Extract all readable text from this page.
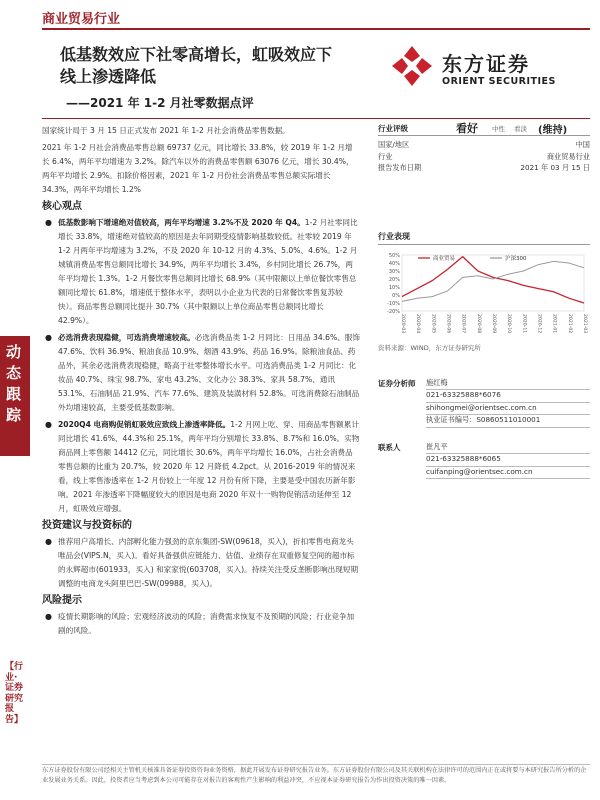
商业贸易行业
低基数效应下社零高增长，虹吸效应下
线上渗透降低
——2021 年 1-2 月社零数据点评
东方证券
ORIENT SECURITIES
动态跟踪
【行业·证券研究报告】
国家统计局于 3 月 15 日正式发布 2021 年 1-2 月社会消费品零售数据。
2021 年 1-2 月社会消费品零售总额 69737 亿元，同比增长 33.8%，较 2019 年 1-2 月增长 6.4%，两年平均增速为 3.2%。除汽车以外的消费品零售额 63076 亿元，增长 30.4%，两年平均增长 2.9%。扣除价格因素，2021 年 1-2 月份社会消费品零售总额实际增长 34.3%，两年平均增长 1.2%
核心观点
● 低基数影响下增速绝对值较高，两年平均增速 3.2%不及 2020 年 Q4。1-2 月社零同比增长 33.8%，增速绝对值较高的原因是去年同期受疫情影响基数较低。社零较 2019 年 1-2 月两年平均增速为 3.2%，不及 2020 年 10-12 月的 4.3%、5.0%、4.6%。1-2 月城镇消费品零售总额同比增长 34.9%，两年平均增长 3.4%，乡村同比增长 26.7%，两年平均增长 1.3%。1-2 月餐饮零售总额同比增长 68.9%（其中限额以上单位餐饮零售总额同比增长 61.8%，增速低于整体水平，表明以小企业为代表的日常餐饮零售复苏较快）。商品零售总额同比提升 30.7%（其中限额以上单位商品零售总额同比增长 42.9%）。
● 必选消费表现稳健，可选消费增速较高。必选消费品类 1-2 月同比：日用品 34.6%、服饰 47.6%、饮料 36.9%、粮油食品 10.9%、烟酒 43.9%、药品 16.9%。除粮油食品、药品外，其余必选消费表现稳健，略高于社零整体增长水平。可选消费品类 1-2 月同比：化妆品 40.7%、珠宝 98.7%、家电 43.2%、文化办公 38.3%、家具 58.7%、通讯 53.1%、石油制品 21.9%、汽车 77.6%、建筑及装潢材料 52.8%。可选消费除石油制品外均增速较高，主要受低基数影响。
● 2020Q4 电商购促销虹吸效应致线上渗透率降低。1-2 月网上吃、穿、用商品零售额累计同比增长 41.6%、44.3%和 25.1%，两年平均分别增长 33.8%、8.7%和 16.0%。实物商品网上零售额 14412 亿元，同比增长 30.6%，两年平均增长 16.0%，占社会消费品零售总额的比重为 20.7%，较 2020 年 12 月降低 4.2pct。从 2016-2019 年的情况来看，线上零售渗透率在 1-2 月份较上一年度 12 月份有所下降，主要是受中国农历新年影响。2021 年渗透率下降幅度较大的原因是电商 2020 年双十一购物促销活动延伸至 12 月，虹吸效应增强。
投资建议与投资标的
● 推荐用户高增长、内部孵化能力强劲的京东集团-SW(09618，买入)，折扣零售电商龙头唯品会(VIPS.N，买入)。看好具备强供应链能力、估值、业绩存在双重修复空间的超市标的永辉超市(601933，买入) 和家家悦(603708，买入)。持续关注受反垄断影响出现短期调整的电商龙头阿里巴巴-SW(09988，买入)。
风险提示
● 疫情长期影响的风险；宏观经济波动的风险；消费需求恢复不及预期的风险；行业竞争加剧的风险。
行业评级	看好 中性 看淡 (维持)
国家/地区	中国
行业	商业贸易行业
报告发布日期	2021 年 03 月 15 日
行业表现
50%
40%
30%
20%
10%
0%
-10%
-20%
2020-03 2020-04 2020-05 2020-06 2020-07 2020-08 2020-09 2020-10 2020-11 2020-12 2021-01 2021-02 2021-03
商业贸易	沪深300
资料来源：WIND，东方证券研究所
证券分析师 施红梅
021-63325888*6076
shihongmei@orientsec.com.cn
执业证书编号：S0860511010001
联系人	崔凡平
021-63325888*6065
cuifanping@orientsec.com.cn
东方证券股份有限公司经相关主管机关核准具备证券投资咨询业务资格，据此开展发布证券研究报告业务。东方证券股份有限公司及其关联机构在法律许可的范围内正在或将要与本研究报告所分析的企业发展业务关系。因此，投资者应当考虑到本公司可能存在对报告的客观性产生影响的利益冲突，不应视本证券研究报告为作出投资决策的唯一因素。
